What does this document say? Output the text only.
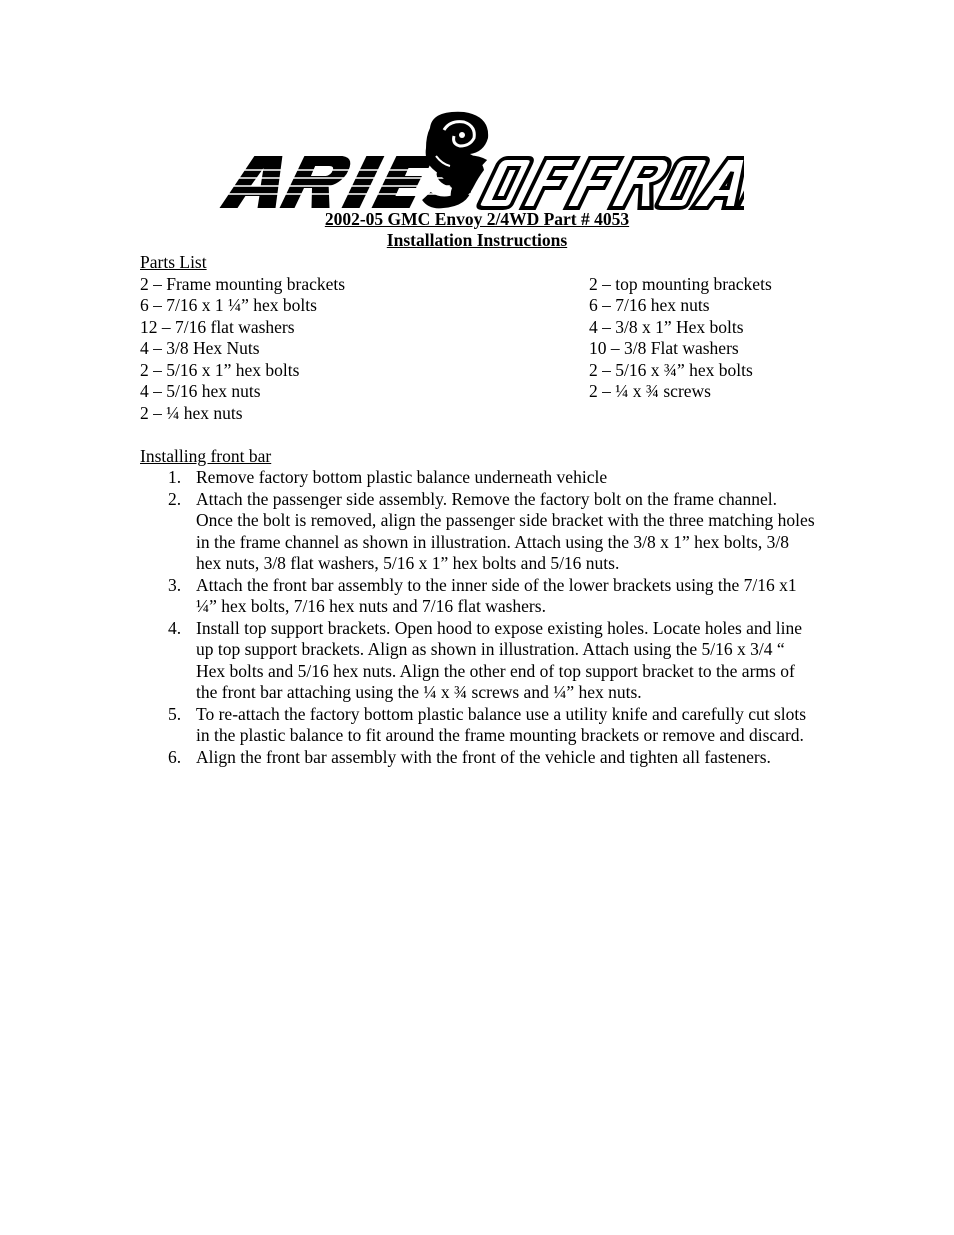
2002-05 GMC Envoy 2/4WD Part # 4053
Installation Instructions
Parts List
2 – Frame mounting brackets	2 – top mounting brackets
6 – 7/16 x 1 ¼” hex bolts	6 – 7/16 hex nuts
12 – 7/16 flat washers	4 – 3/8 x 1” Hex bolts
4 – 3/8 Hex Nuts	10 – 3/8 Flat washers
2 – 5/16 x 1” hex bolts	2 – 5/16 x ¾” hex bolts
4 – 5/16 hex nuts	2 – ¼ x ¾ screws
2 – ¼ hex nuts
Installing front bar
1. Remove factory bottom plastic balance underneath vehicle
2. Attach the passenger side assembly. Remove the factory bolt on the frame channel. Once the bolt is removed, align the passenger side bracket with the three matching holes in the frame channel as shown in illustration. Attach using the 3/8 x 1” hex bolts, 3/8 hex nuts, 3/8 flat washers, 5/16 x 1” hex bolts and 5/16 nuts.
3. Attach the front bar assembly to the inner side of the lower brackets using the 7/16 x1 ¼” hex bolts, 7/16 hex nuts and 7/16 flat washers.
4. Install top support brackets. Open hood to expose existing holes. Locate holes and line up top support brackets. Align as shown in illustration. Attach using the 5/16 x 3/4 “ Hex bolts and 5/16 hex nuts. Align the other end of top support bracket to the arms of the front bar attaching using the ¼ x ¾ screws and ¼” hex nuts.
5. To re-attach the factory bottom plastic balance use a utility knife and carefully cut slots in the plastic balance to fit around the frame mounting brackets or remove and discard.
6. Align the front bar assembly with the front of the vehicle and tighten all fasteners.
